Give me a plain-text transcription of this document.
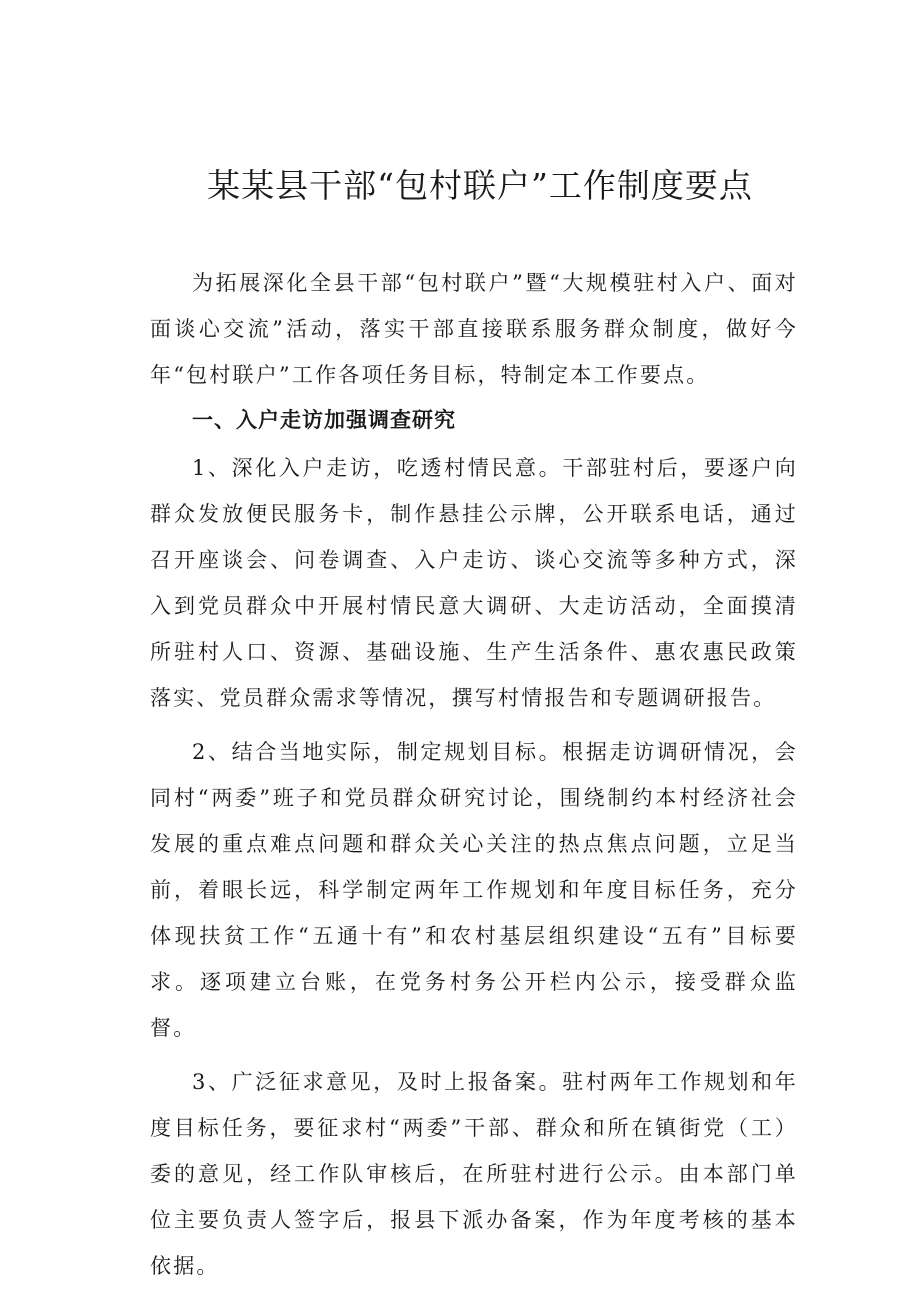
某某县干部“包村联户”工作制度要点

为拓展深化全县干部“包村联户”暨“大规模驻村入户、面对面谈心交流”活动，落实干部直接联系服务群众制度，做好今年“包村联户”工作各项任务目标，特制定本工作要点。

一、入户走访加强调查研究

1、深化入户走访，吃透村情民意。干部驻村后，要逐户向群众发放便民服务卡，制作悬挂公示牌，公开联系电话，通过召开座谈会、问卷调查、入户走访、谈心交流等多种方式，深入到党员群众中开展村情民意大调研、大走访活动，全面摸清所驻村人口、资源、基础设施、生产生活条件、惠农惠民政策落实、党员群众需求等情况，撰写村情报告和专题调研报告。

2、结合当地实际，制定规划目标。根据走访调研情况，会同村“两委”班子和党员群众研究讨论，围绕制约本村经济社会发展的重点难点问题和群众关心关注的热点焦点问题，立足当前，着眼长远，科学制定两年工作规划和年度目标任务，充分体现扶贫工作“五通十有”和农村基层组织建设“五有”目标要求。逐项建立台账，在党务村务公开栏内公示，接受群众监督。

3、广泛征求意见，及时上报备案。驻村两年工作规划和年度目标任务，要征求村“两委”干部、群众和所在镇街党（工）委的意见，经工作队审核后，在所驻村进行公示。由本部门单位主要负责人签字后，报县下派办备案，作为年度考核的基本依据。
